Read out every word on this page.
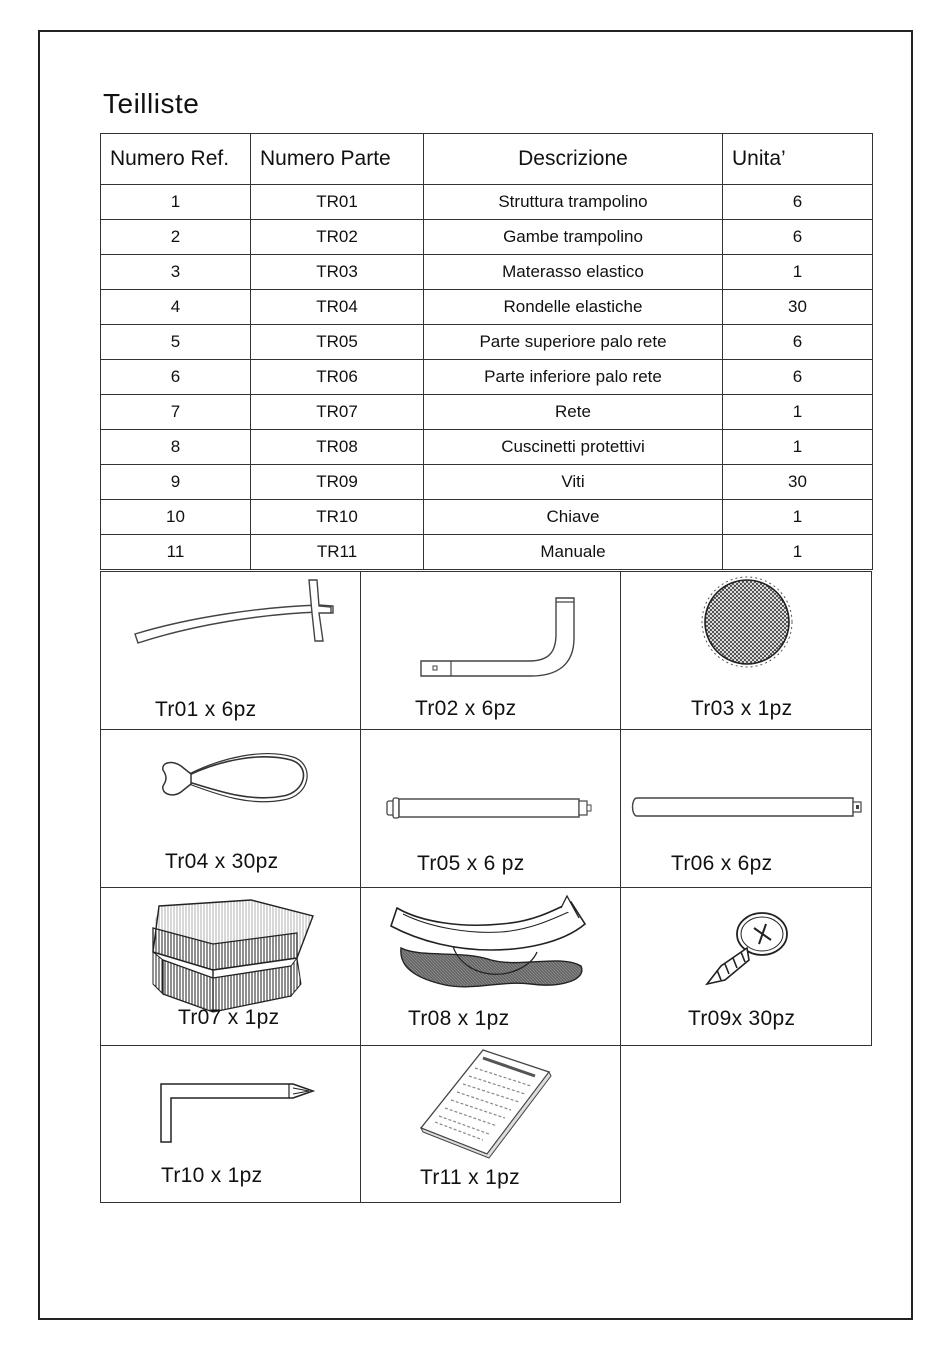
Teilliste
Numero Ref.	Numero Parte	Descrizione	Unita’
1	TR01	Struttura trampolino	6
2	TR02	Gambe trampolino	6
3	TR03	Materasso elastico	1
4	TR04	Rondelle elastiche	30
5	TR05	Parte superiore palo rete	6
6	TR06	Parte inferiore palo rete	6
7	TR07	Rete	1
8	TR08	Cuscinetti protettivi	1
9	TR09	Viti	30
10	TR10	Chiave	1
11	TR11	Manuale	1
Tr01 x 6pz	Tr02 x 6pz	Tr03 x 1pz
Tr04 x 30pz	Tr05 x 6 pz	Tr06 x 6pz
Tr07 x 1pz	Tr08 x 1pz	Tr09x 30pz
Tr10 x 1pz	Tr11 x 1pz
